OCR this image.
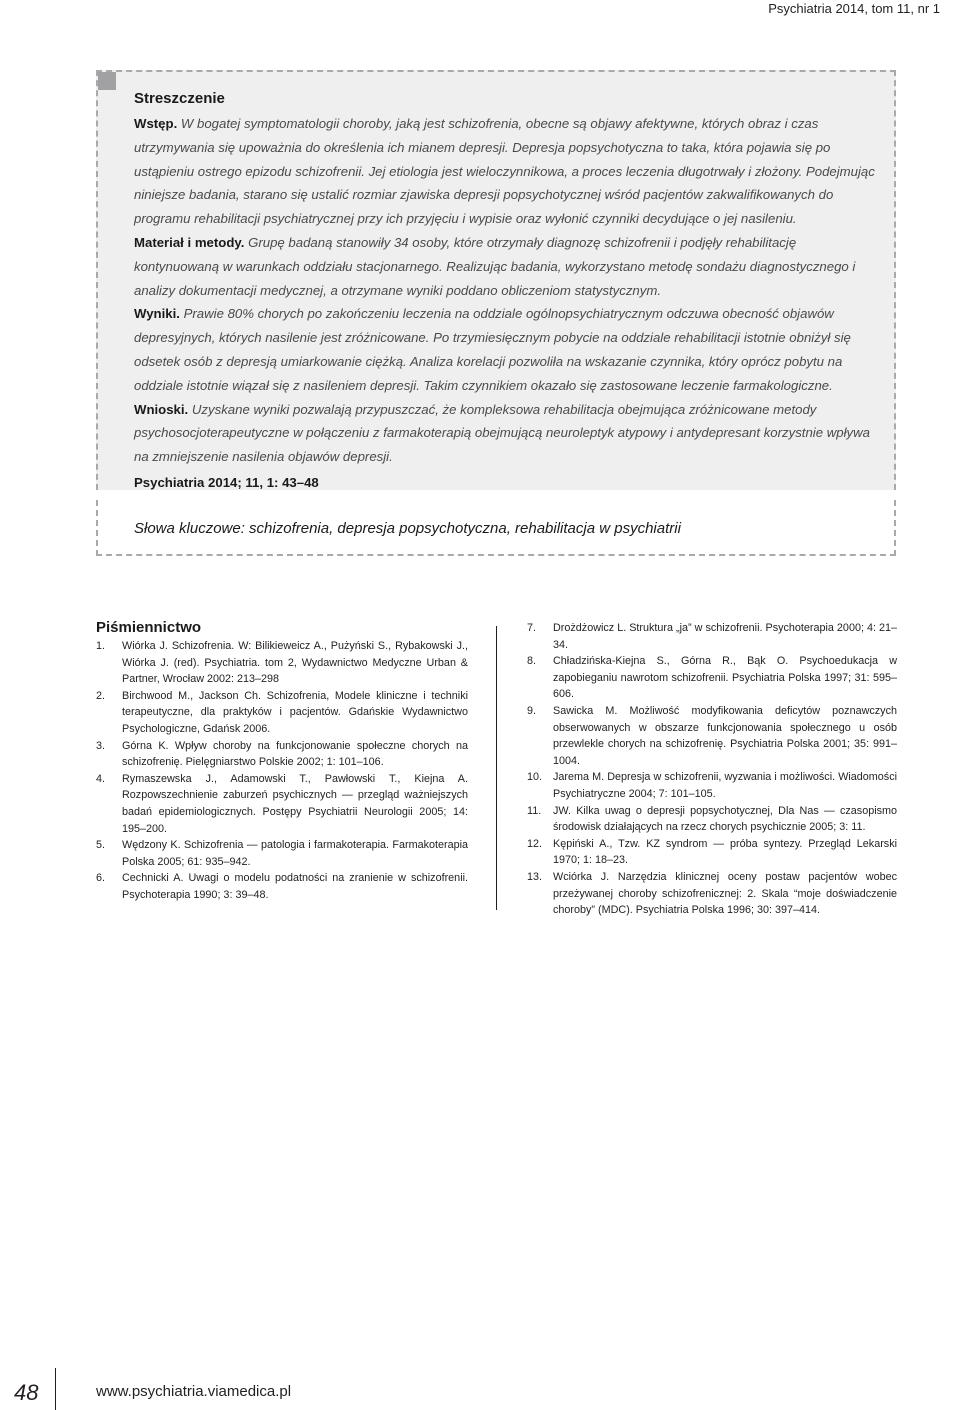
Psychiatria 2014, tom 11, nr 1
Streszczenie

Wstęp. W bogatej symptomatologii choroby, jaką jest schizofrenia, obecne są objawy afektywne, których obraz i czas utrzymywania się upoważnia do określenia ich mianem depresji. Depresja popsychotyczna to taka, która pojawia się po ustąpieniu ostrego epizodu schizofrenii. Jej etiologia jest wieloczynnikowa, a proces leczenia długotrwały i złożony. Podejmując niniejsze badania, starano się ustalić rozmiar zjawiska depresji popsychotycznej wśród pacjentów zakwalifikowanych do programu rehabilitacji psychiatrycznej przy ich przyjęciu i wypisie oraz wyłonić czynniki decydujące o jej nasileniu.

Materiał i metody. Grupę badaną stanowiły 34 osoby, które otrzymały diagnozę schizofrenii i podjęły rehabilitację kontynuowaną w warunkach oddziału stacjonarnego. Realizując badania, wykorzystano metodę sondażu diagnostycznego i analizy dokumentacji medycznej, a otrzymane wyniki poddano obliczeniom statystycznym.

Wyniki. Prawie 80% chorych po zakończeniu leczenia na oddziale ogólnopsychiatrycznym odczuwa obecność objawów depresyjnych, których nasilenie jest zróżnicowane. Po trzymiesięcznym pobycie na oddziale rehabilitacji istotnie obniżył się odsetek osób z depresją umiarkowanie ciężką. Analiza korelacji pozwoliła na wskazanie czynnika, który oprócz pobytu na oddziale istotnie wiązał się z nasileniem depresji. Takim czynnikiem okazało się zastosowane leczenie farmakologiczne.

Wnioski. Uzyskane wyniki pozwalają przypuszczać, że kompleksowa rehabilitacja obejmująca zróżnicowane metody psychosocjoterapeutyczne w połączeniu z farmakoterapią obejmującą neuroleptyk atypowy i antydepresant korzystnie wpływa na zmniejszenie nasilenia objawów depresji.

Psychiatria 2014; 11, 1: 43–48
Słowa kluczowe: schizofrenia, depresja popsychotyczna, rehabilitacja w psychiatrii
Piśmiennictwo
1.	Wiórka J. Schizofrenia. W: Bilikieweicz A., Pużyński S., Rybakowski J., Wiórka J. (red). Psychiatria. tom 2, Wydawnictwo Medyczne Urban & Partner, Wrocław 2002: 213–298
2.	Birchwood M., Jackson Ch. Schizofrenia, Modele kliniczne i techniki terapeutyczne, dla praktyków i pacjentów. Gdańskie Wydawnictwo Psychologiczne, Gdańsk 2006.
3.	Górna K. Wpływ choroby na funkcjonowanie społeczne chorych na schizofrenię. Pielęgniarstwo Polskie 2002; 1: 101–106.
4.	Rymaszewska J., Adamowski T., Pawłowski T., Kiejna A. Rozpowszechnienie zaburzeń psychicznych — przegląd ważniejszych badań epidemiologicznych. Postępy Psychiatrii Neurologii 2005; 14: 195–200.
5.	Wędzony K. Schizofrenia — patologia i farmakoterapia. Farmakoterapia Polska 2005; 61: 935–942.
6.	Cechnicki A. Uwagi o modelu podatności na zranienie w schizofrenii. Psychoterapia 1990; 3: 39–48.
7.	Drożdżowicz L. Struktura „ja” w schizofrenii. Psychoterapia 2000; 4: 21–34.
8.	Chładzińska-Kiejna S., Górna R., Bąk O. Psychoedukacja w zapobieganiu nawrotom schizofrenii. Psychiatria Polska 1997; 31: 595–606.
9.	Sawicka M. Możliwość modyfikowania deficytów poznawczych obserwowanych w obszarze funkcjonowania społecznego u osób przewlekle chorych na schizofrenię. Psychiatria Polska 2001; 35: 991–1004.
10.	Jarema M. Depresja w schizofrenii, wyzwania i możliwości. Wiadomości Psychiatryczne 2004; 7: 101–105.
11.	JW. Kilka uwag o depresji popsychotycznej, Dla Nas — czasopismo środowisk działających na rzecz chorych psychicznie 2005; 3: 11.
12.	Kępiński A., Tzw. KZ syndrom — próba syntezy. Przegląd Lekarski 1970; 1: 18–23.
13.	Wciórka J. Narzędzia klinicznej oceny postaw pacjentów wobec przeżywanej choroby schizofrenicznej: 2. Skala “moje doświadczenie choroby” (MDC). Psychiatria Polska 1996; 30: 397–414.
48	www.psychiatria.viamedica.pl
